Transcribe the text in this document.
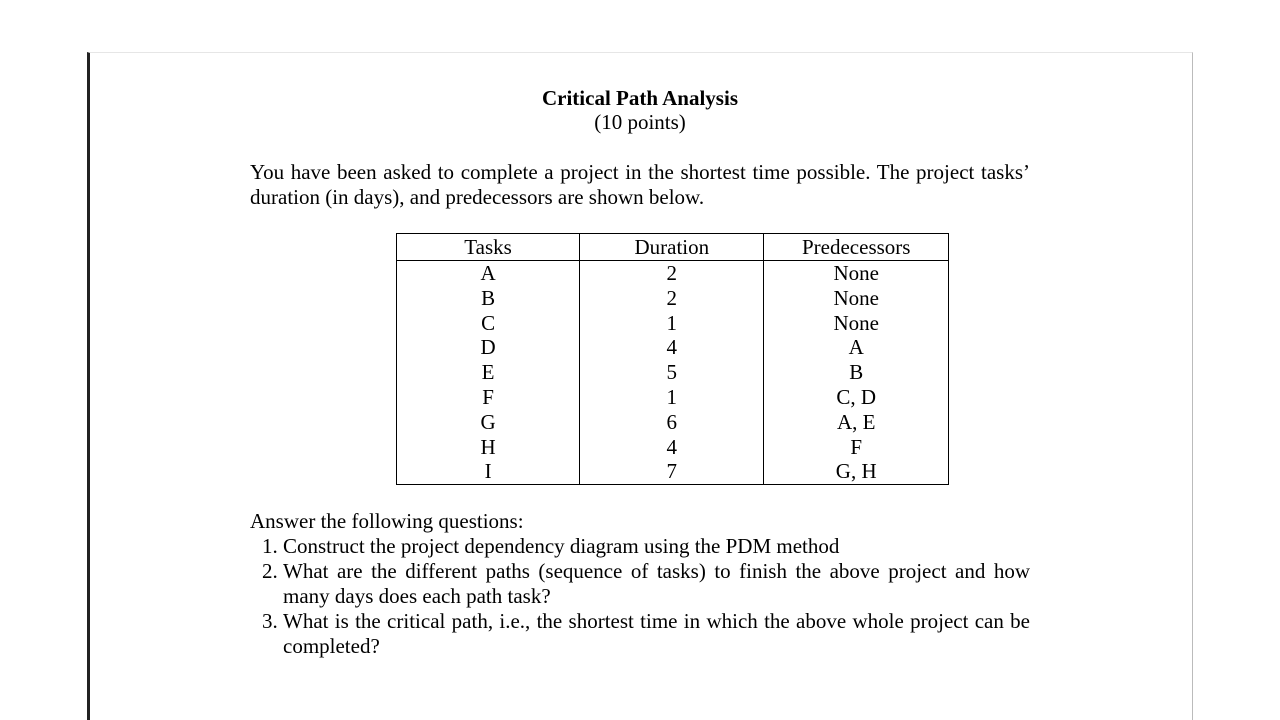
Critical Path Analysis
(10 points)
You have been asked to complete a project in the shortest time possible. The project tasks’ duration (in days), and predecessors are shown below.
Tasks	Duration	Predecessors
A	2	None
B	2	None
C	1	None
D	4	A
E	5	B
F	1	C, D
G	6	A, E
H	4	F
I	7	G, H
Answer the following questions:
1. Construct the project dependency diagram using the PDM method
2. What are the different paths (sequence of tasks) to finish the above project and how many days does each path task?
3. What is the critical path, i.e., the shortest time in which the above whole project can be completed?
